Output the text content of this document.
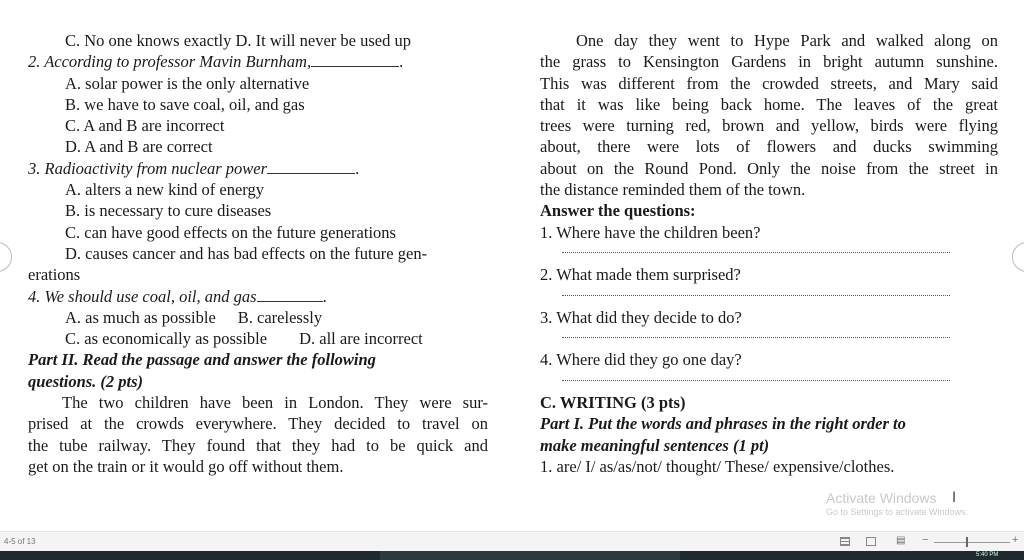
C. No one knows exactly D. It will never be used up
2. According to professor Mavin Burnham,	.
A. solar power is the only alternative
B. we have to save coal, oil, and gas
C. A and B are incorrect
D. A and B are correct
3. Radioactivity from nuclear power	.
A. alters a new kind of energy
B. is necessary to cure diseases
C. can have good effects on the future generations
D. causes cancer and has bad effects on the future gen-
erations
4. We should use coal, oil, and gas	.
A. as much as possible B. carelessly
C. as economically as possible D. all are incorrect
Part II. Read the passage and answer the following
questions. (2 pts)
The two children have been in London. They were sur-
prised at the crowds everywhere. They decided to travel on
the tube railway. They found that they had to be quick and
get on the train or it would go off without them.
One day they went to Hype Park and walked along on
the grass to Kensington Gardens in bright autumn sunshine.
This was different from the crowded streets, and Mary said
that it was like being back home. The leaves of the great
trees were turning red, brown and yellow, birds were flying
about, there were lots of flowers and ducks swimming
about on the Round Pond. Only the noise from the street in
the distance reminded them of the town.
Answer the questions:
1. Where have the children been?
2. What made them surprised?
3. What did they decide to do?
4. Where did they go one day?
C. WRITING (3 pts)
Part I. Put the words and phrases in the right order to
make meaningful sentences (1 pt)
1. are/ I/ as/as/not/ thought/ These/ expensive/clothes.
Activate Windows
Go to Settings to activate Windows.
I
4-5 of 13	▤ −	+
5:40 PM
